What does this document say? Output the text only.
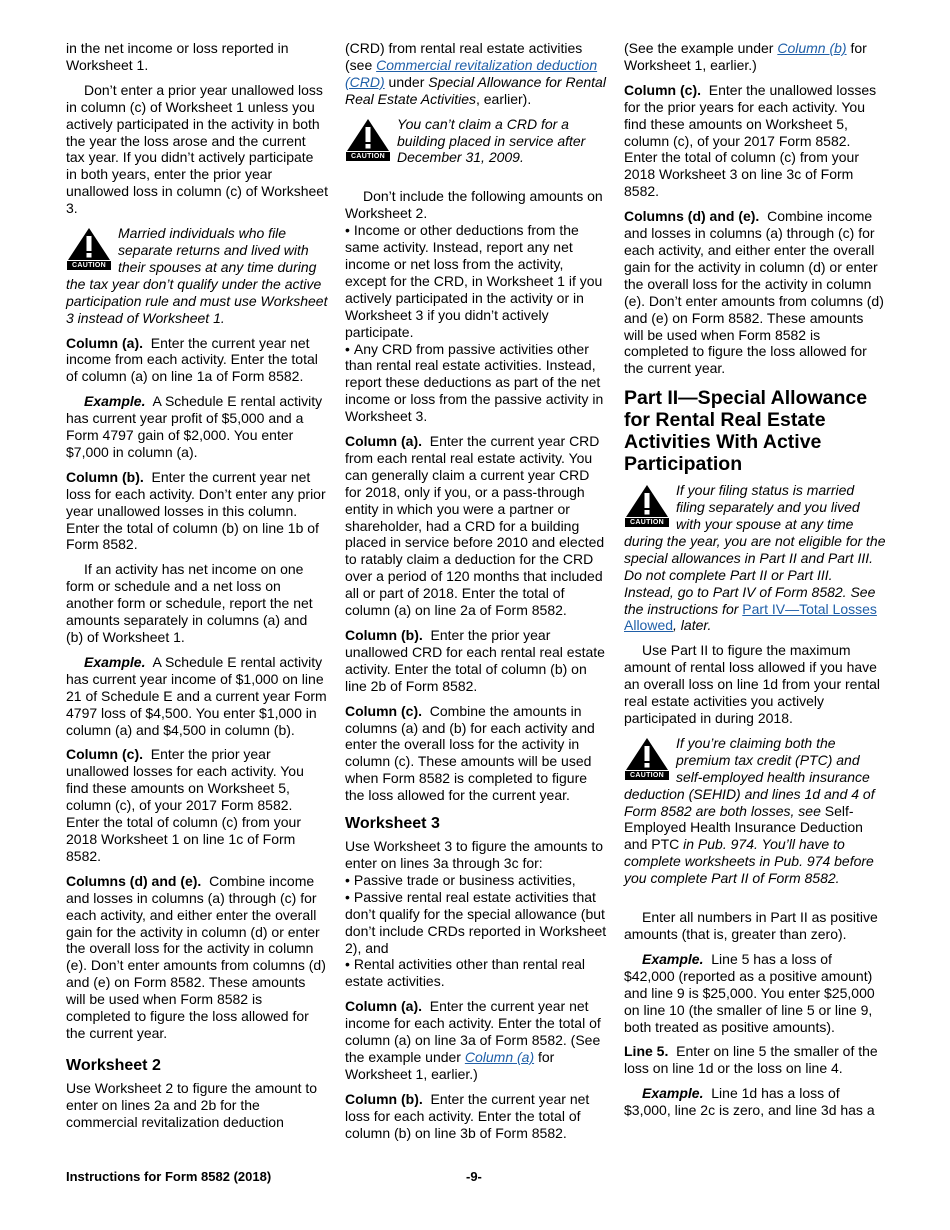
in the net income or loss reported in Worksheet 1.

Don’t enter a prior year unallowed loss in column (c) of Worksheet 1 unless you actively participated in the activity in both the year the loss arose and the current tax year. If you didn’t actively participate in both years, enter the prior year unallowed loss in column (c) of Worksheet 3.

CAUTION
Married individuals who file separate returns and lived with their spouses at any time during the tax year don’t qualify under the active participation rule and must use Worksheet 3 instead of Worksheet 1.

Column (a). Enter the current year net income from each activity. Enter the total of column (a) on line 1a of Form 8582.

Example. A Schedule E rental activity has current year profit of $5,000 and a Form 4797 gain of $2,000. You enter $7,000 in column (a).

Column (b). Enter the current year net loss for each activity. Don’t enter any prior year unallowed losses in this column. Enter the total of column (b) on line 1b of Form 8582.

If an activity has net income on one form or schedule and a net loss on another form or schedule, report the net amounts separately in columns (a) and (b) of Worksheet 1.

Example. A Schedule E rental activity has current year income of $1,000 on line 21 of Schedule E and a current year Form 4797 loss of $4,500. You enter $1,000 in column (a) and $4,500 in column (b).

Column (c). Enter the prior year unallowed losses for each activity. You find these amounts on Worksheet 5, column (c), of your 2017 Form 8582. Enter the total of column (c) from your 2018 Worksheet 1 on line 1c of Form 8582.

Columns (d) and (e). Combine income and losses in columns (a) through (c) for each activity, and either enter the overall gain for the activity in column (d) or enter the overall loss for the activity in column (e). Don’t enter amounts from columns (d) and (e) on Form 8582. These amounts will be used when Form 8582 is completed to figure the loss allowed for the current year.

Worksheet 2

Use Worksheet 2 to figure the amount to enter on lines 2a and 2b for the commercial revitalization deduction

(CRD) from rental real estate activities (see Commercial revitalization deduction (CRD) under Special Allowance for Rental Real Estate Activities, earlier).

CAUTION
You can’t claim a CRD for a building placed in service after December 31, 2009.

Don’t include the following amounts on Worksheet 2.

• Income or other deductions from the same activity. Instead, report any net income or net loss from the activity, except for the CRD, in Worksheet 1 if you actively participated in the activity or in Worksheet 3 if you didn’t actively participate.

• Any CRD from passive activities other than rental real estate activities. Instead, report these deductions as part of the net income or loss from the passive activity in Worksheet 3.

Column (a). Enter the current year CRD from each rental real estate activity. You can generally claim a current year CRD for 2018, only if you, or a pass-through entity in which you were a partner or shareholder, had a CRD for a building placed in service before 2010 and elected to ratably claim a deduction for the CRD over a period of 120 months that included all or part of 2018. Enter the total of column (a) on line 2a of Form 8582.

Column (b). Enter the prior year unallowed CRD for each rental real estate activity. Enter the total of column (b) on line 2b of Form 8582.

Column (c). Combine the amounts in columns (a) and (b) for each activity and enter the overall loss for the activity in column (c). These amounts will be used when Form 8582 is completed to figure the loss allowed for the current year.

Worksheet 3

Use Worksheet 3 to figure the amounts to enter on lines 3a through 3c for:

• Passive trade or business activities,

• Passive rental real estate activities that don’t qualify for the special allowance (but don’t include CRDs reported in Worksheet 2), and

• Rental activities other than rental real estate activities.

Column (a). Enter the current year net income for each activity. Enter the total of column (a) on line 3a of Form 8582. (See the example under Column (a) for Worksheet 1, earlier.)

Column (b). Enter the current year net loss for each activity. Enter the total of column (b) on line 3b of Form 8582.

(See the example under Column (b) for Worksheet 1, earlier.)

Column (c). Enter the unallowed losses for the prior years for each activity. You find these amounts on Worksheet 5, column (c), of your 2017 Form 8582. Enter the total of column (c) from your 2018 Worksheet 3 on line 3c of Form 8582.

Columns (d) and (e). Combine income and losses in columns (a) through (c) for each activity, and either enter the overall gain for the activity in column (d) or enter the overall loss for the activity in column (e). Don’t enter amounts from columns (d) and (e) on Form 8582. These amounts will be used when Form 8582 is completed to figure the loss allowed for the current year.

Part II—Special Allowance for Rental Real Estate Activities With Active Participation
CAUTION
If your filing status is married filing separately and you lived with your spouse at any time during the year, you are not eligible for the special allowances in Part II and Part III. Do not complete Part II or Part III. Instead, go to Part IV of Form 8582. See the instructions for Part IV—Total Losses Allowed, later.

Use Part II to figure the maximum amount of rental loss allowed if you have an overall loss on line 1d from your rental real estate activities you actively participated in during 2018.

CAUTION
If you’re claiming both the premium tax credit (PTC) and self-employed health insurance deduction (SEHID) and lines 1d and 4 of Form 8582 are both losses, see Self-Employed Health Insurance Deduction and PTC in Pub. 974. You’ll have to complete worksheets in Pub. 974 before you complete Part II of Form 8582.

Enter all numbers in Part II as positive amounts (that is, greater than zero).

Example. Line 5 has a loss of $42,000 (reported as a positive amount) and line 9 is $25,000. You enter $25,000 on line 10 (the smaller of line 5 or line 9, both treated as positive amounts).

Line 5. Enter on line 5 the smaller of the loss on line 1d or the loss on line 4.

Example. Line 1d has a loss of $3,000, line 2c is zero, and line 3d has a

Instructions for Form 8582 (2018)	-9-
